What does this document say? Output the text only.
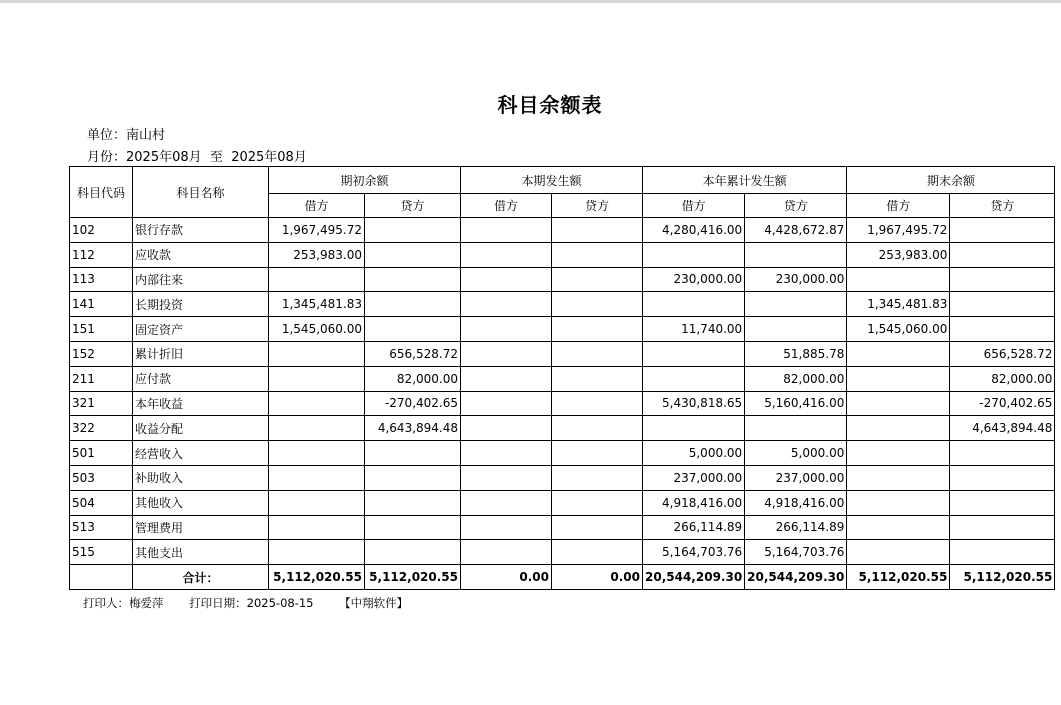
科目余额表
单位：南山村
月份：2025年08月 至 2025年08月
科目代码	科目名称	期初余额		本期发生额		本年累计发生额		期末余额	
		借方	贷方	借方	贷方	借方	贷方	借方	贷方
102	银行存款	1,967,495.72				4,280,416.00	4,428,672.87	1,967,495.72	
112	应收款	253,983.00						253,983.00	
113	内部往来					230,000.00	230,000.00		
141	长期投资	1,345,481.83						1,345,481.83	
151	固定资产	1,545,060.00				11,740.00		1,545,060.00	
152	累计折旧		656,528.72				51,885.78		656,528.72
211	应付款		82,000.00				82,000.00		82,000.00
321	本年收益		-270,402.65			5,430,818.65	5,160,416.00		-270,402.65
322	收益分配		4,643,894.48						4,643,894.48
501	经营收入					5,000.00	5,000.00		
503	补助收入					237,000.00	237,000.00		
504	其他收入					4,918,416.00	4,918,416.00		
513	管理费用					266,114.89	266,114.89		
515	其他支出					5,164,703.76	5,164,703.76		
	合计：	5,112,020.55	5,112,020.55	0.00	0.00	20,544,209.30	20,544,209.30	5,112,020.55	5,112,020.55
打印人：梅爱萍 打印日期：2025-08-15 【中翔软件】
